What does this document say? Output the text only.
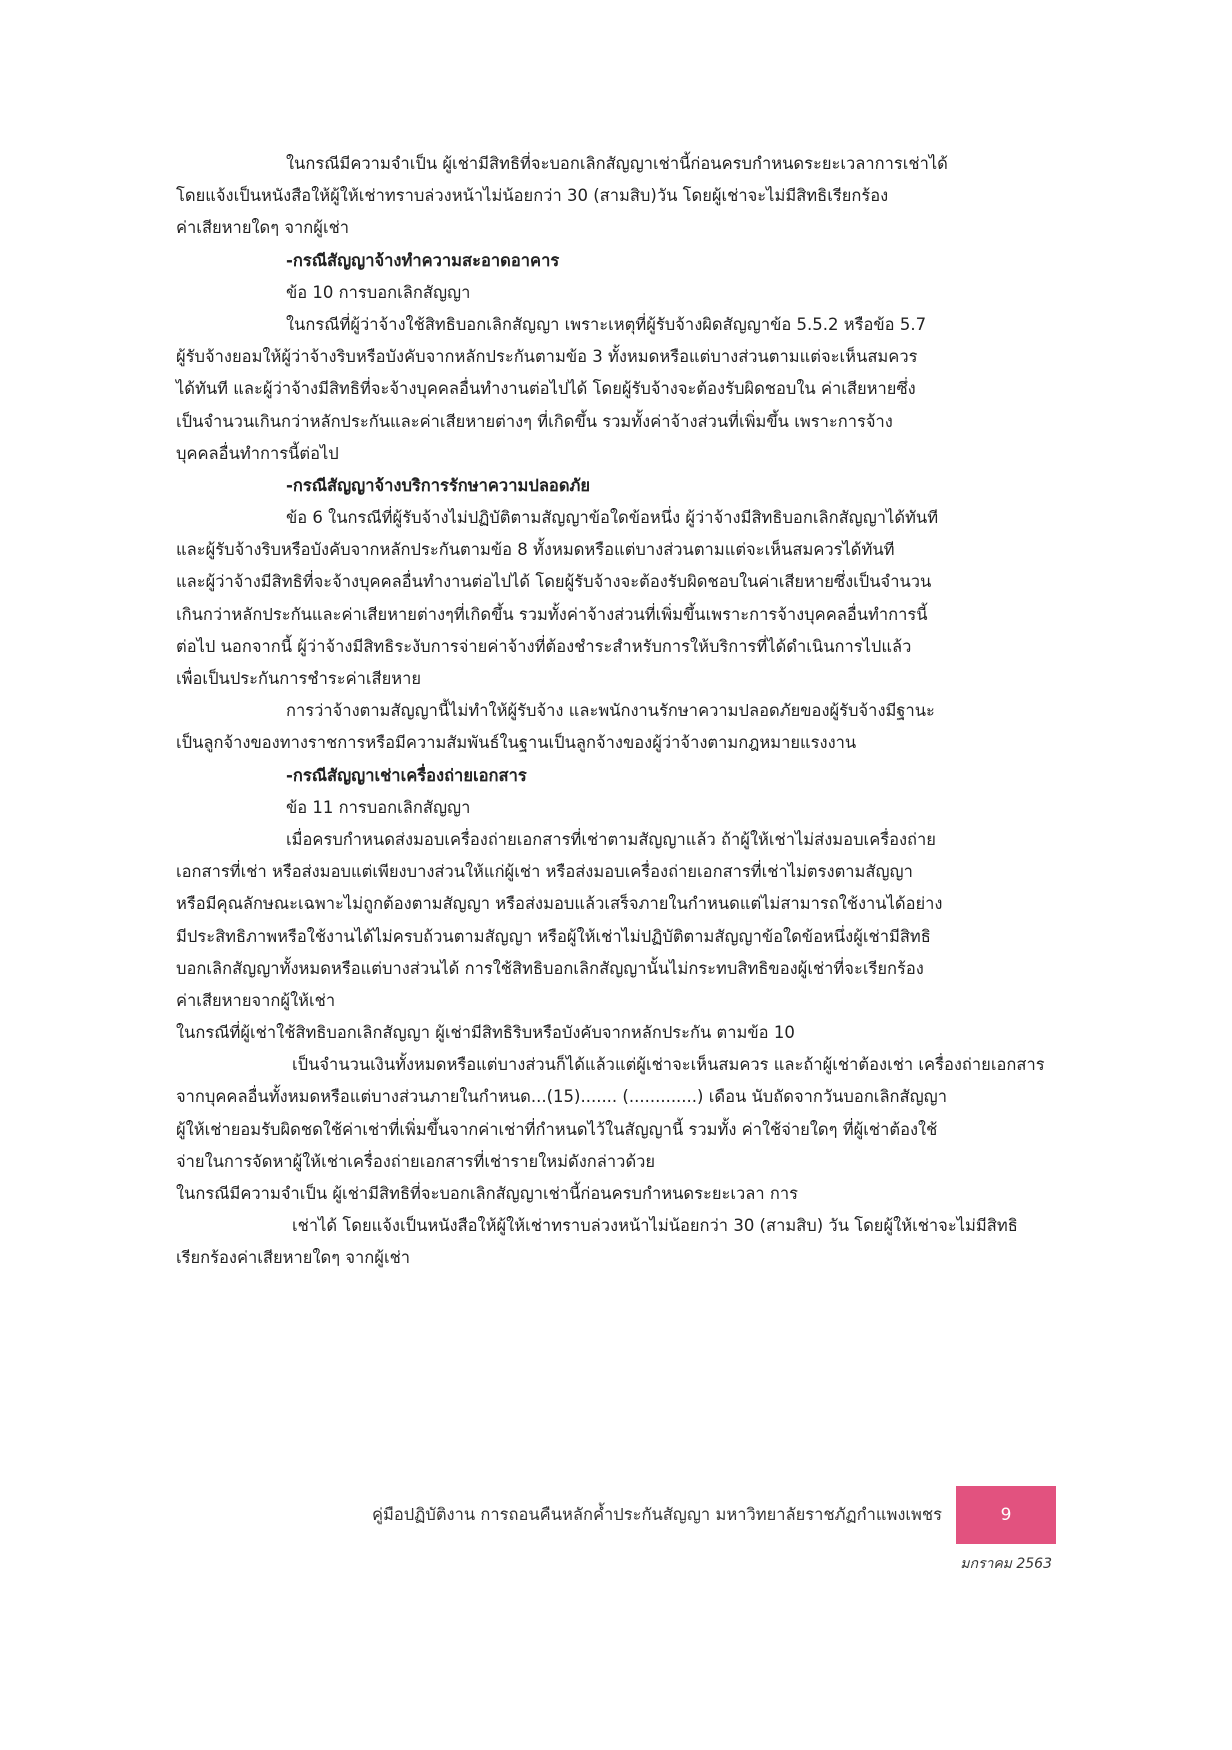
ในกรณีมีความจำเป็น ผู้เช่ามีสิทธิที่จะบอกเลิกสัญญาเช่านี้ก่อนครบกำหนดระยะเวลาการเช่าได้
โดยแจ้งเป็นหนังสือให้ผู้ให้เช่าทราบล่วงหน้าไม่น้อยกว่า 30 (สามสิบ)วัน โดยผู้เช่าจะไม่มีสิทธิเรียกร้อง
ค่าเสียหายใดๆ จากผู้เช่า
-กรณีสัญญาจ้างทำความสะอาดอาคาร
ข้อ 10 การบอกเลิกสัญญา
ในกรณีที่ผู้ว่าจ้างใช้สิทธิบอกเลิกสัญญา เพราะเหตุที่ผู้รับจ้างผิดสัญญาข้อ 5.5.2 หรือข้อ 5.7
ผู้รับจ้างยอมให้ผู้ว่าจ้างริบหรือบังคับจากหลักประกันตามข้อ 3 ทั้งหมดหรือแต่บางส่วนตามแต่จะเห็นสมควร
ได้ทันที และผู้ว่าจ้างมีสิทธิที่จะจ้างบุคคลอื่นทำงานต่อไปได้ โดยผู้รับจ้างจะต้องรับผิดชอบใน ค่าเสียหายซึ่ง
เป็นจำนวนเกินกว่าหลักประกันและค่าเสียหายต่างๆ ที่เกิดขึ้น รวมทั้งค่าจ้างส่วนที่เพิ่มขึ้น เพราะการจ้าง
บุคคลอื่นทำการนี้ต่อไป
-กรณีสัญญาจ้างบริการรักษาความปลอดภัย
ข้อ 6 ในกรณีที่ผู้รับจ้างไม่ปฏิบัติตามสัญญาข้อใดข้อหนึ่ง ผู้ว่าจ้างมีสิทธิบอกเลิกสัญญาได้ทันที
และผู้รับจ้างริบหรือบังคับจากหลักประกันตามข้อ 8 ทั้งหมดหรือแต่บางส่วนตามแต่จะเห็นสมควรได้ทันที
และผู้ว่าจ้างมีสิทธิที่จะจ้างบุคคลอื่นทำงานต่อไปได้ โดยผู้รับจ้างจะต้องรับผิดชอบในค่าเสียหายซึ่งเป็นจำนวน
เกินกว่าหลักประกันและค่าเสียหายต่างๆที่เกิดขึ้น รวมทั้งค่าจ้างส่วนที่เพิ่มขึ้นเพราะการจ้างบุคคลอื่นทำการนี้
ต่อไป นอกจากนี้ ผู้ว่าจ้างมีสิทธิระงับการจ่ายค่าจ้างที่ต้องชำระสำหรับการให้บริการที่ได้ดำเนินการไปแล้ว
เพื่อเป็นประกันการชำระค่าเสียหาย
การว่าจ้างตามสัญญานี้ไม่ทำให้ผู้รับจ้าง และพนักงานรักษาความปลอดภัยของผู้รับจ้างมีฐานะ
เป็นลูกจ้างของทางราชการหรือมีความสัมพันธ์ในฐานเป็นลูกจ้างของผู้ว่าจ้างตามกฎหมายแรงงาน
-กรณีสัญญาเช่าเครื่องถ่ายเอกสาร
ข้อ 11 การบอกเลิกสัญญา
เมื่อครบกำหนดส่งมอบเครื่องถ่ายเอกสารที่เช่าตามสัญญาแล้ว ถ้าผู้ให้เช่าไม่ส่งมอบเครื่องถ่าย
เอกสารที่เช่า หรือส่งมอบแต่เพียงบางส่วนให้แก่ผู้เช่า หรือส่งมอบเครื่องถ่ายเอกสารที่เช่าไม่ตรงตามสัญญา
หรือมีคุณลักษณะเฉพาะไม่ถูกต้องตามสัญญา หรือส่งมอบแล้วเสร็จภายในกำหนดแต่ไม่สามารถใช้งานได้อย่าง
มีประสิทธิภาพหรือใช้งานได้ไม่ครบถ้วนตามสัญญา หรือผู้ให้เช่าไม่ปฏิบัติตามสัญญาข้อใดข้อหนึ่งผู้เช่ามีสิทธิ
บอกเลิกสัญญาทั้งหมดหรือแต่บางส่วนได้ การใช้สิทธิบอกเลิกสัญญานั้นไม่กระทบสิทธิของผู้เช่าที่จะเรียกร้อง
ค่าเสียหายจากผู้ให้เช่า
ในกรณีที่ผู้เช่าใช้สิทธิบอกเลิกสัญญา ผู้เช่ามีสิทธิริบหรือบังคับจากหลักประกัน ตามข้อ 10
เป็นจำนวนเงินทั้งหมดหรือแต่บางส่วนก็ได้แล้วแต่ผู้เช่าจะเห็นสมควร และถ้าผู้เช่าต้องเช่า เครื่องถ่ายเอกสาร
จากบุคคลอื่นทั้งหมดหรือแต่บางส่วนภายในกำหนด...(15)....... (.............) เดือน นับถัดจากวันบอกเลิกสัญญา
ผู้ให้เช่ายอมรับผิดชดใช้ค่าเช่าที่เพิ่มขึ้นจากค่าเช่าที่กำหนดไว้ในสัญญานี้ รวมทั้ง ค่าใช้จ่ายใดๆ ที่ผู้เช่าต้องใช้
จ่ายในการจัดหาผู้ให้เช่าเครื่องถ่ายเอกสารที่เช่ารายใหม่ดังกล่าวด้วย
ในกรณีมีความจำเป็น ผู้เช่ามีสิทธิที่จะบอกเลิกสัญญาเช่านี้ก่อนครบกำหนดระยะเวลา การ
เช่าได้ โดยแจ้งเป็นหนังสือให้ผู้ให้เช่าทราบล่วงหน้าไม่น้อยกว่า 30 (สามสิบ) วัน โดยผู้ให้เช่าจะไม่มีสิทธิ
เรียกร้องค่าเสียหายใดๆ จากผู้เช่า
คู่มือปฏิบัติงาน การถอนคืนหลักค้ำประกันสัญญา มหาวิทยาลัยราชภัฏกำแพงเพชร	9
มกราคม 2563
